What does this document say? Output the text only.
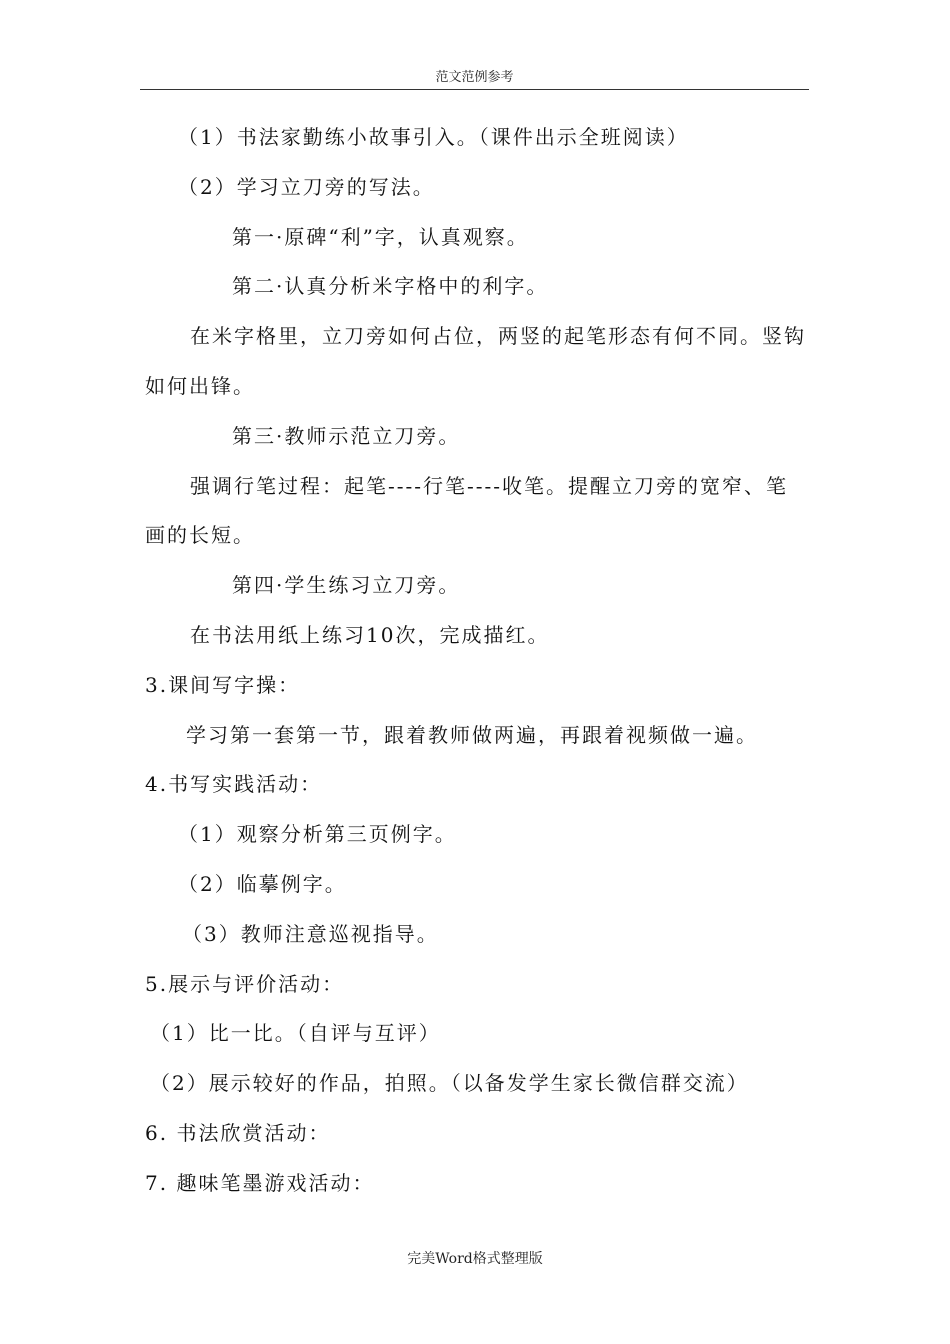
范文范例参考
（1）书法家勤练小故事引入。（课件出示全班阅读）
（2）学习立刀旁的写法。
第一·原碑“利”字，认真观察。
第二·认真分析米字格中的利字。
在米字格里，立刀旁如何占位，两竖的起笔形态有何不同。竖钩
如何出锋。
第三·教师示范立刀旁。
强调行笔过程：起笔----行笔----收笔。提醒立刀旁的宽窄、笔
画的长短。
第四·学生练习立刀旁。
在书法用纸上练习10次，完成描红。
3.课间写字操：
学习第一套第一节，跟着教师做两遍，再跟着视频做一遍。
4.书写实践活动：
（1）观察分析第三页例字。
（2）临摹例字。
（3）教师注意巡视指导。
5.展示与评价活动：
（1）比一比。（自评与互评）
（2）展示较好的作品，拍照。（以备发学生家长微信群交流）
6. 书法欣赏活动：
7. 趣味笔墨游戏活动：
完美Word格式整理版
